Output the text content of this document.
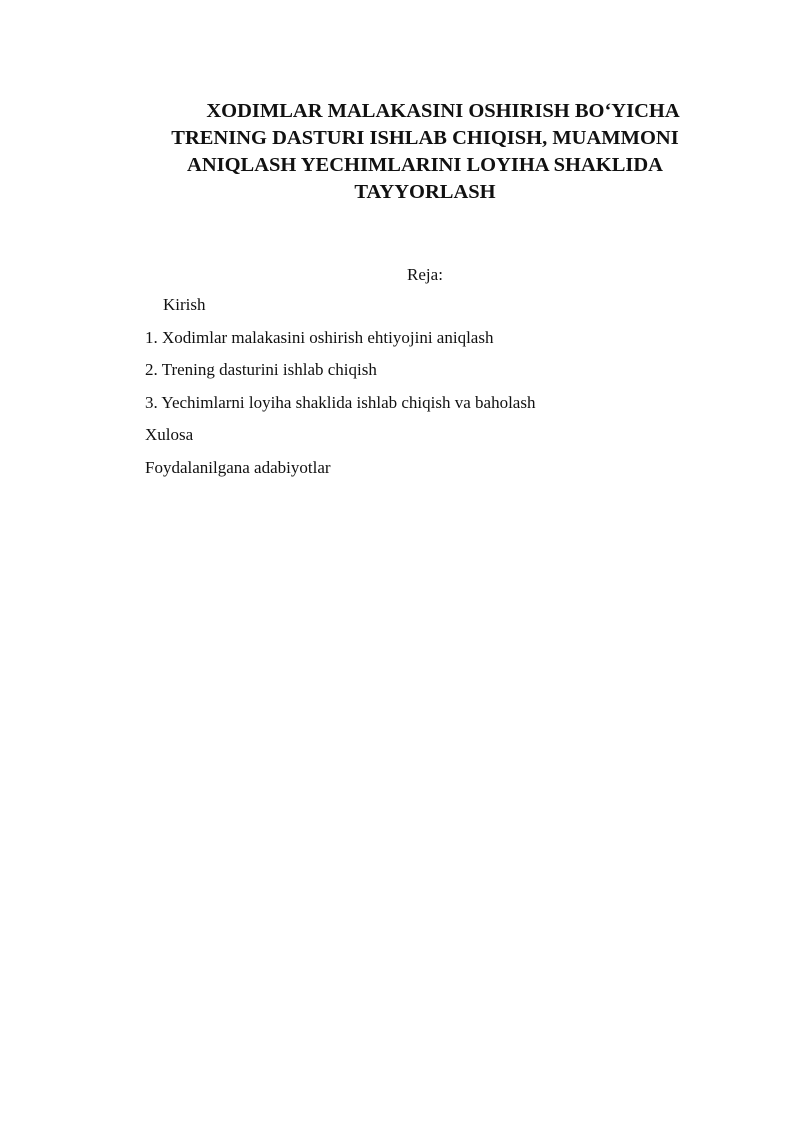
XODIMLAR MALAKASINI OSHIRISH BO‘YICHA TRENING DASTURI ISHLAB CHIQISH, MUAMMONI ANIQLASH YECHIMLARINI LOYIHA SHAKLIDA TAYYORLASH

Reja:

Kirish
1. Xodimlar malakasini oshirish ehtiyojini aniqlash
2. Trening dasturini ishlab chiqish
3. Yechimlarni loyiha shaklida ishlab chiqish va baholash
Xulosa
Foydalanilgana adabiyotlar
